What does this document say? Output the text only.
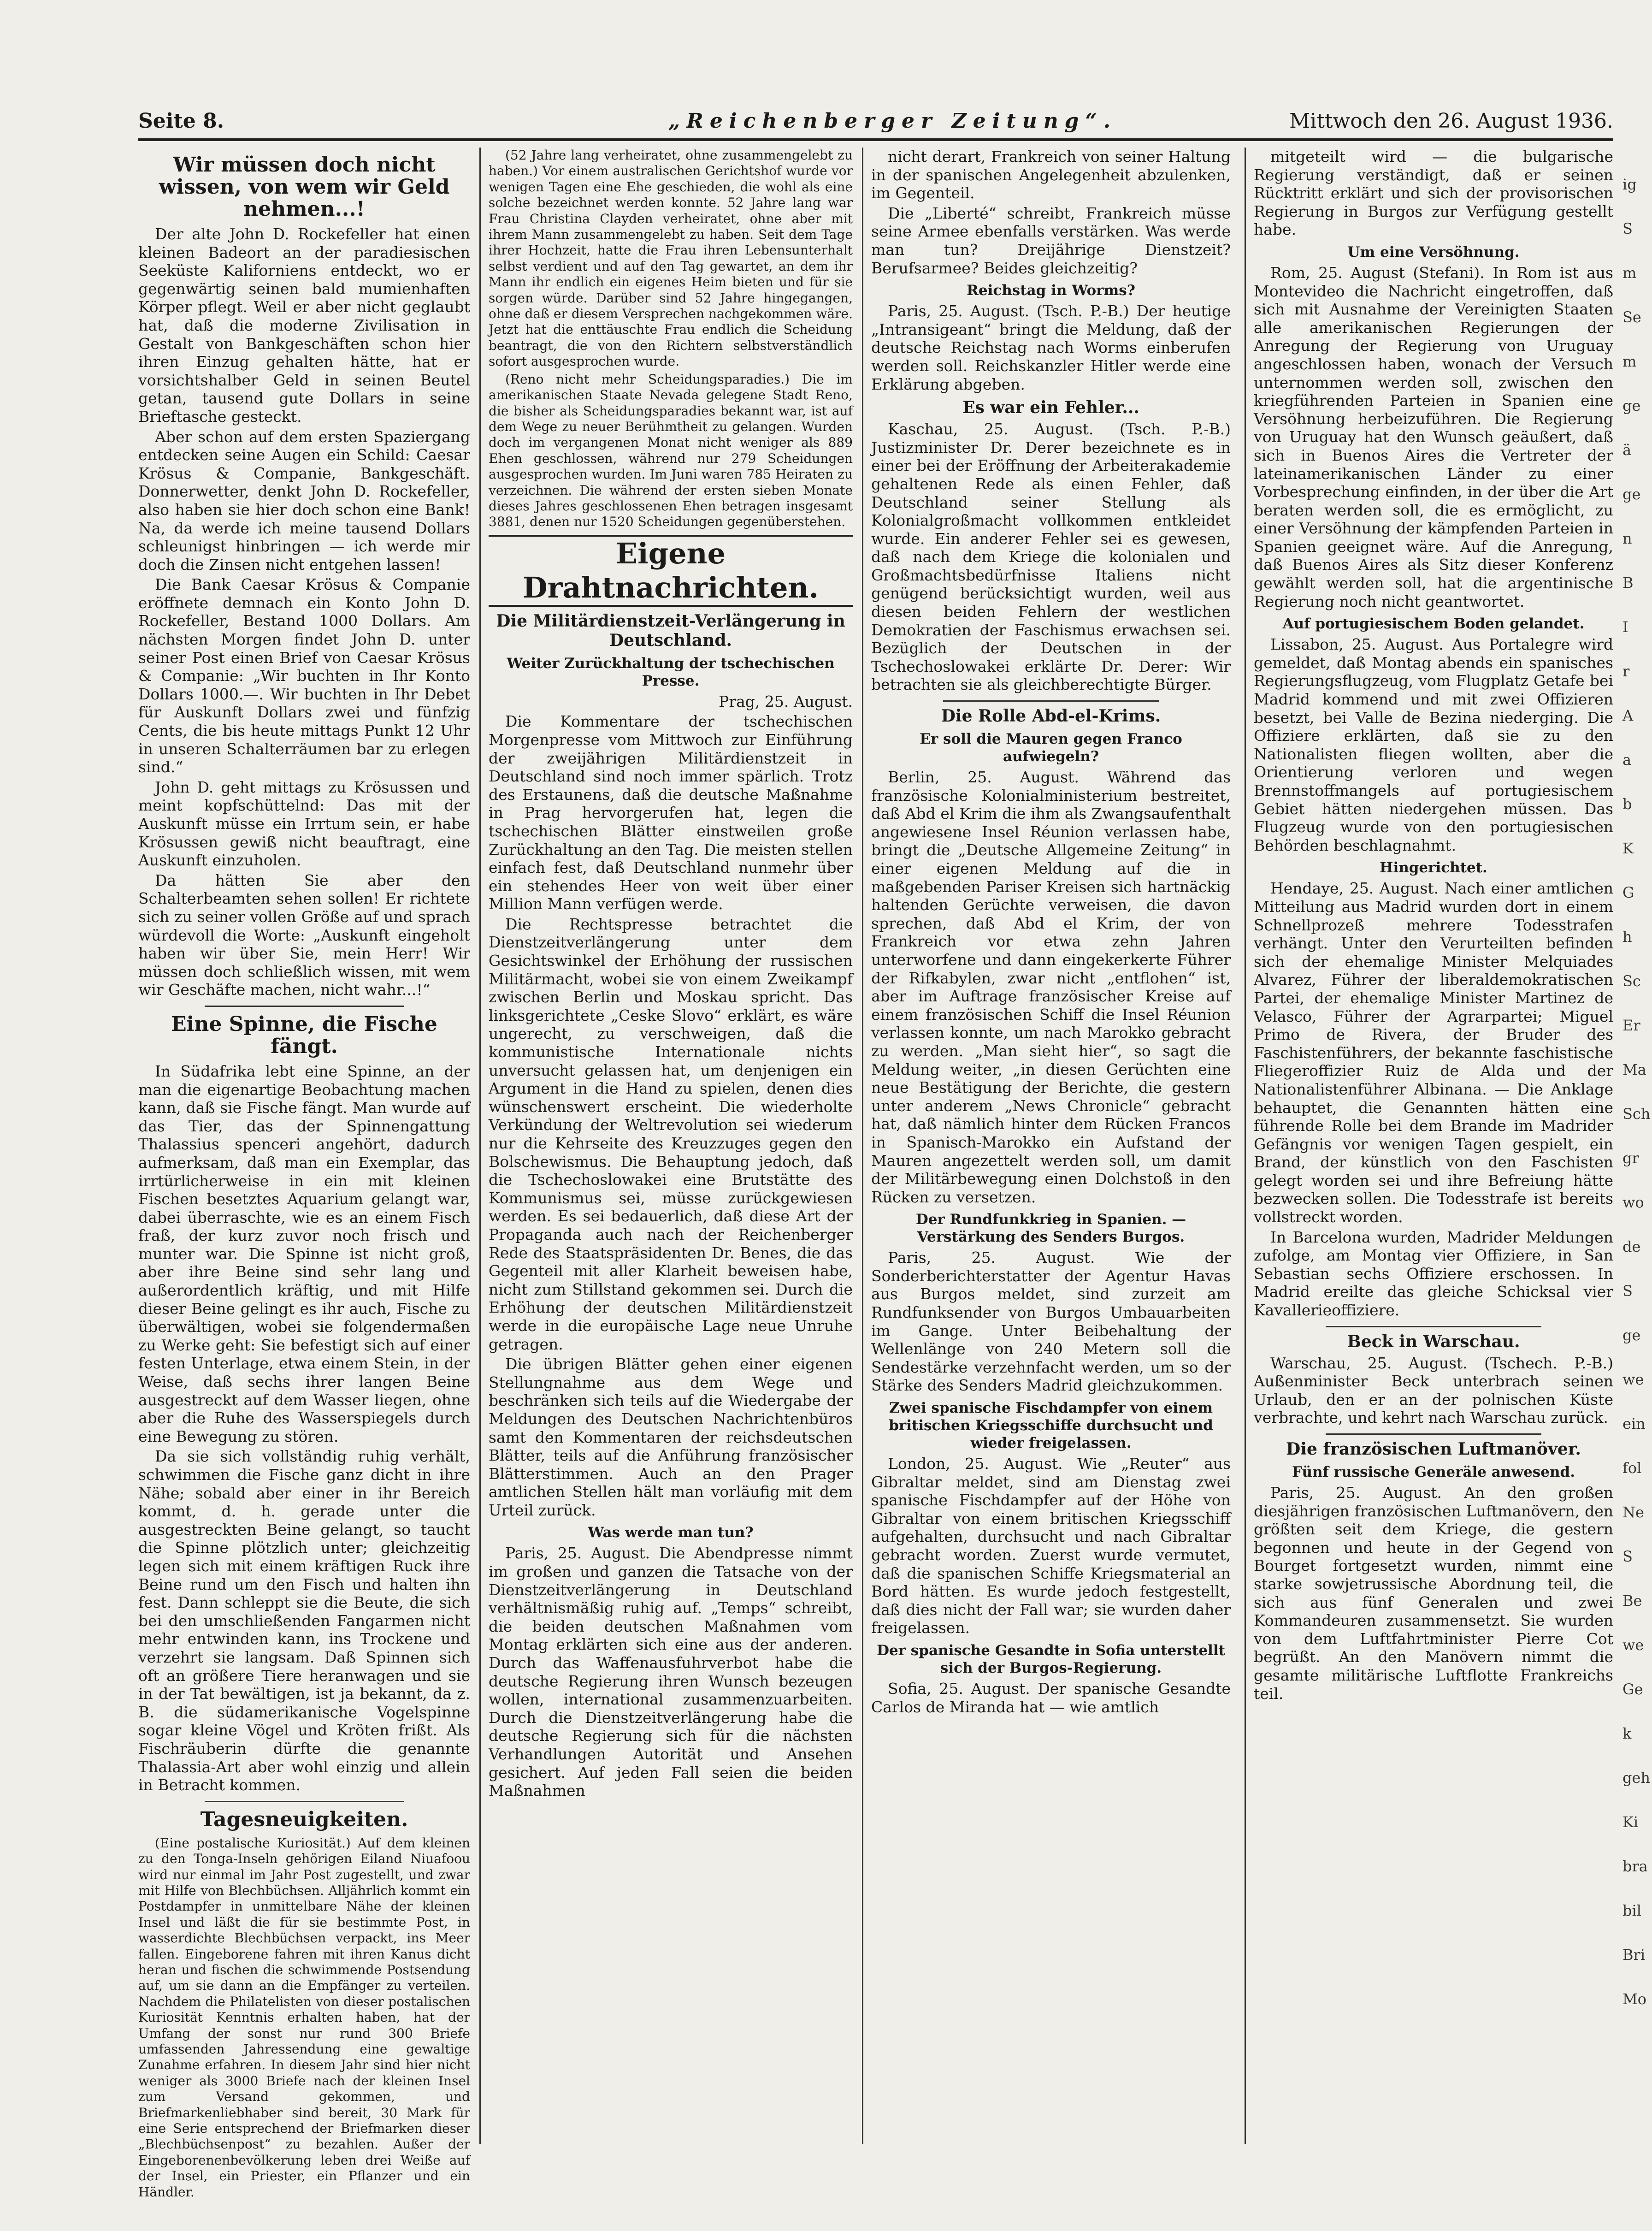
Seite 8.	„Reichenberger Zeitung“.	Mittwoch den 26. August 1936.
Wir müssen doch nicht wissen, von wem wir Geld nehmen...!

Der alte John D. Rockefeller hat einen kleinen Badeort an der paradiesischen Seeküste Kaliforniens entdeckt, wo er gegenwärtig seinen bald mumienhaften Körper pflegt. Weil er aber nicht geglaubt hat, daß die moderne Zivilisation in Gestalt von Bankgeschäften schon hier ihren Einzug gehalten hätte, hat er vorsichtshalber Geld in seinen Beutel getan, tausend gute Dollars in seine Brieftasche gesteckt.

Aber schon auf dem ersten Spaziergang entdecken seine Augen ein Schild: Caesar Krösus & Companie, Bankgeschäft. Donnerwetter, denkt John D. Rockefeller, also haben sie hier doch schon eine Bank! Na, da werde ich meine tausend Dollars schleunigst hinbringen — ich werde mir doch die Zinsen nicht entgehen lassen!

Die Bank Caesar Krösus & Companie eröffnete demnach ein Konto John D. Rockefeller, Bestand 1000 Dollars. Am nächsten Morgen findet John D. unter seiner Post einen Brief von Caesar Krösus & Companie: „Wir buchten in Ihr Konto Dollars 1000.—. Wir buchten in Ihr Debet für Auskunft Dollars zwei und fünfzig Cents, die bis heute mittags Punkt 12 Uhr in unseren Schalterräumen bar zu erlegen sind.“

John D. geht mittags zu Krösussen und meint kopfschüttelnd: Das mit der Auskunft müsse ein Irrtum sein, er habe Krösussen gewiß nicht beauftragt, eine Auskunft einzuholen.

Da hätten Sie aber den Schalterbeamten sehen sollen! Er richtete sich zu seiner vollen Größe auf und sprach würdevoll die Worte: „Auskunft eingeholt haben wir über Sie, mein Herr! Wir müssen doch schließlich wissen, mit wem wir Geschäfte machen, nicht wahr...!“

Eine Spinne, die Fische fängt.

In Südafrika lebt eine Spinne, an der man die eigenartige Beobachtung machen kann, daß sie Fische fängt. Man wurde auf das Tier, das der Spinnengattung Thalassius spenceri angehört, dadurch aufmerksam, daß man ein Exemplar, das irrtürlicherweise in ein mit kleinen Fischen besetztes Aquarium gelangt war, dabei überraschte, wie es an einem Fisch fraß, der kurz zuvor noch frisch und munter war. Die Spinne ist nicht groß, aber ihre Beine sind sehr lang und außerordentlich kräftig, und mit Hilfe dieser Beine gelingt es ihr auch, Fische zu überwältigen, wobei sie folgendermaßen zu Werke geht: Sie befestigt sich auf einer festen Unterlage, etwa einem Stein, in der Weise, daß sechs ihrer langen Beine ausgestreckt auf dem Wasser liegen, ohne aber die Ruhe des Wasserspiegels durch eine Bewegung zu stören.

Da sie sich vollständig ruhig verhält, schwimmen die Fische ganz dicht in ihre Nähe; sobald aber einer in ihr Bereich kommt, d. h. gerade unter die ausgestreckten Beine gelangt, so taucht die Spinne plötzlich unter; gleichzeitig legen sich mit einem kräftigen Ruck ihre Beine rund um den Fisch und halten ihn fest. Dann schleppt sie die Beute, die sich bei den umschließenden Fangarmen nicht mehr entwinden kann, ins Trockene und verzehrt sie langsam. Daß Spinnen sich oft an größere Tiere heranwagen und sie in der Tat bewältigen, ist ja bekannt, da z. B. die südamerikanische Vogelspinne sogar kleine Vögel und Kröten frißt. Als Fischräuberin dürfte die genannte Thalassia-Art aber wohl einzig und allein in Betracht kommen.

Tagesneuigkeiten.

(Eine postalische Kuriosität.) Auf dem kleinen zu den Tonga-Inseln gehörigen Eiland Niuafoou wird nur einmal im Jahr Post zugestellt, und zwar mit Hilfe von Blechbüchsen. Alljährlich kommt ein Postdampfer in unmittelbare Nähe der kleinen Insel und läßt die für sie bestimmte Post, in wasserdichte Blechbüchsen verpackt, ins Meer fallen. Eingeborene fahren mit ihren Kanus dicht heran und fischen die schwimmende Postsendung auf, um sie dann an die Empfänger zu verteilen. Nachdem die Philatelisten von dieser postalischen Kuriosität Kenntnis erhalten haben, hat der Umfang der sonst nur rund 300 Briefe umfassenden Jahressendung eine gewaltige Zunahme erfahren. In diesem Jahr sind hier nicht weniger als 3000 Briefe nach der kleinen Insel zum Versand gekommen, und Briefmarkenliebhaber sind bereit, 30 Mark für eine Serie entsprechend der Briefmarken dieser „Blechbüchsenpost“ zu bezahlen. Außer der Eingeborenenbevölkerung leben drei Weiße auf der Insel, ein Priester, ein Pflanzer und ein Händler.

(52 Jahre lang verheiratet, ohne zusammengelebt zu haben.) Vor einem australischen Gerichtshof wurde vor wenigen Tagen eine Ehe geschieden, die wohl als eine solche bezeichnet werden konnte. 52 Jahre lang war Frau Christina Clayden verheiratet, ohne aber mit ihrem Mann zusammengelebt zu haben. Seit dem Tage ihrer Hochzeit, hatte die Frau ihren Lebensunterhalt selbst verdient und auf den Tag gewartet, an dem ihr Mann ihr endlich ein eigenes Heim bieten und für sie sorgen würde. Darüber sind 52 Jahre hingegangen, ohne daß er diesem Versprechen nachgekommen wäre. Jetzt hat die enttäuschte Frau endlich die Scheidung beantragt, die von den Richtern selbstverständlich sofort ausgesprochen wurde.

(Reno nicht mehr Scheidungsparadies.) Die im amerikanischen Staate Nevada gelegene Stadt Reno, die bisher als Scheidungsparadies bekannt war, ist auf dem Wege zu neuer Berühmtheit zu gelangen. Wurden doch im vergangenen Monat nicht weniger als 889 Ehen geschlossen, während nur 279 Scheidungen ausgesprochen wurden. Im Juni waren 785 Heiraten zu verzeichnen. Die während der ersten sieben Monate dieses Jahres geschlossenen Ehen betragen insgesamt 3881, denen nur 1520 Scheidungen gegenüberstehen.

Eigene Drahtnachrichten.
Die Militärdienstzeit-Verlängerung in Deutschland.
Weiter Zurückhaltung der tschechischen Presse.

Prag, 25. August.

Die Kommentare der tschechischen Morgenpresse vom Mittwoch zur Einführung der zweijährigen Militärdienstzeit in Deutschland sind noch immer spärlich. Trotz des Erstaunens, daß die deutsche Maßnahme in Prag hervorgerufen hat, legen die tschechischen Blätter einstweilen große Zurückhaltung an den Tag. Die meisten stellen einfach fest, daß Deutschland nunmehr über ein stehendes Heer von weit über einer Million Mann verfügen werde.

Die Rechtspresse betrachtet die Dienstzeitverlängerung unter dem Gesichtswinkel der Erhöhung der russischen Militärmacht, wobei sie von einem Zweikampf zwischen Berlin und Moskau spricht. Das linksgerichtete „Ceske Slovo“ erklärt, es wäre ungerecht, zu verschweigen, daß die kommunistische Internationale nichts unversucht gelassen hat, um denjenigen ein Argument in die Hand zu spielen, denen dies wünschenswert erscheint. Die wiederholte Verkündung der Weltrevolution sei wiederum nur die Kehrseite des Kreuzzuges gegen den Bolschewismus. Die Behauptung jedoch, daß die Tschechoslowakei eine Brutstätte des Kommunismus sei, müsse zurückgewiesen werden. Es sei bedauerlich, daß diese Art der Propaganda auch nach der Reichenberger Rede des Staatspräsidenten Dr. Benes, die das Gegenteil mit aller Klarheit beweisen habe, nicht zum Stillstand gekommen sei. Durch die Erhöhung der deutschen Militärdienstzeit werde in die europäische Lage neue Unruhe getragen.

Die übrigen Blätter gehen einer eigenen Stellungnahme aus dem Wege und beschränken sich teils auf die Wiedergabe der Meldungen des Deutschen Nachrichtenbüros samt den Kommentaren der reichsdeutschen Blätter, teils auf die Anführung französischer Blätterstimmen. Auch an den Prager amtlichen Stellen hält man vorläufig mit dem Urteil zurück.

Was werde man tun?

Paris, 25. August. Die Abendpresse nimmt im großen und ganzen die Tatsache von der Dienstzeitverlängerung in Deutschland verhältnismäßig ruhig auf. „Temps“ schreibt, die beiden deutschen Maßnahmen vom Montag erklärten sich eine aus der anderen. Durch das Waffenausfuhrverbot habe die deutsche Regierung ihren Wunsch bezeugen wollen, international zusammenzuarbeiten. Durch die Dienstzeitverlängerung habe die deutsche Regierung sich für die nächsten Verhandlungen Autorität und Ansehen gesichert. Auf jeden Fall seien die beiden Maßnahmen

nicht derart, Frankreich von seiner Haltung in der spanischen Angelegenheit abzulenken, im Gegenteil.

Die „Liberté“ schreibt, Frankreich müsse seine Armee ebenfalls verstärken. Was werde man tun? Dreijährige Dienstzeit? Berufsarmee? Beides gleichzeitig?

Reichstag in Worms?

Paris, 25. August. (Tsch. P.-B.) Der heutige „Intransigeant“ bringt die Meldung, daß der deutsche Reichstag nach Worms einberufen werden soll. Reichskanzler Hitler werde eine Erklärung abgeben.

Es war ein Fehler...

Kaschau, 25. August. (Tsch. P.-B.) Justizminister Dr. Derer bezeichnete es in einer bei der Eröffnung der Arbeiterakademie gehaltenen Rede als einen Fehler, daß Deutschland seiner Stellung als Kolonialgroßmacht vollkommen entkleidet wurde. Ein anderer Fehler sei es gewesen, daß nach dem Kriege die kolonialen und Großmachtsbedürfnisse Italiens nicht genügend berücksichtigt wurden, weil aus diesen beiden Fehlern der westlichen Demokratien der Faschismus erwachsen sei. Bezüglich der Deutschen in der Tschechoslowakei erklärte Dr. Derer: Wir betrachten sie als gleichberechtigte Bürger.

Die Rolle Abd-el-Krims.
Er soll die Mauren gegen Franco aufwiegeln?

Berlin, 25. August. Während das französische Kolonialministerium bestreitet, daß Abd el Krim die ihm als Zwangsaufenthalt angewiesene Insel Réunion verlassen habe, bringt die „Deutsche Allgemeine Zeitung“ in einer eigenen Meldung auf die in maßgebenden Pariser Kreisen sich hartnäckig haltenden Gerüchte verweisen, die davon sprechen, daß Abd el Krim, der von Frankreich vor etwa zehn Jahren unterworfene und dann eingekerkerte Führer der Rifkabylen, zwar nicht „entflohen“ ist, aber im Auftrage französischer Kreise auf einem französischen Schiff die Insel Réunion verlassen konnte, um nach Marokko gebracht zu werden. „Man sieht hier“, so sagt die Meldung weiter, „in diesen Gerüchten eine neue Bestätigung der Berichte, die gestern unter anderem „News Chronicle“ gebracht hat, daß nämlich hinter dem Rücken Francos in Spanisch-Marokko ein Aufstand der Mauren angezettelt werden soll, um damit der Militärbewegung einen Dolchstoß in den Rücken zu versetzen.

Der Rundfunkkrieg in Spanien. — Verstärkung des Senders Burgos.

Paris, 25. August. Wie der Sonderberichterstatter der Agentur Havas aus Burgos meldet, sind zurzeit am Rundfunksender von Burgos Umbauarbeiten im Gange. Unter Beibehaltung der Wellenlänge von 240 Metern soll die Sendestärke verzehnfacht werden, um so der Stärke des Senders Madrid gleichzukommen.

Zwei spanische Fischdampfer von einem britischen Kriegsschiffe durchsucht und wieder freigelassen.

London, 25. August. Wie „Reuter“ aus Gibraltar meldet, sind am Dienstag zwei spanische Fischdampfer auf der Höhe von Gibraltar von einem britischen Kriegsschiff aufgehalten, durchsucht und nach Gibraltar gebracht worden. Zuerst wurde vermutet, daß die spanischen Schiffe Kriegsmaterial an Bord hätten. Es wurde jedoch festgestellt, daß dies nicht der Fall war; sie wurden daher freigelassen.

Der spanische Gesandte in Sofia unterstellt sich der Burgos-Regierung.

Sofia, 25. August. Der spanische Gesandte Carlos de Miranda hat — wie amtlich

mitgeteilt wird — die bulgarische Regierung verständigt, daß er seinen Rücktritt erklärt und sich der provisorischen Regierung in Burgos zur Verfügung gestellt habe.

Um eine Versöhnung.

Rom, 25. August (Stefani). In Rom ist aus Montevideo die Nachricht eingetroffen, daß sich mit Ausnahme der Vereinigten Staaten alle amerikanischen Regierungen der Anregung der Regierung von Uruguay angeschlossen haben, wonach der Versuch unternommen werden soll, zwischen den kriegführenden Parteien in Spanien eine Versöhnung herbeizuführen. Die Regierung von Uruguay hat den Wunsch geäußert, daß sich in Buenos Aires die Vertreter der lateinamerikanischen Länder zu einer Vorbesprechung einfinden, in der über die Art beraten werden soll, die es ermöglicht, zu einer Versöhnung der kämpfenden Parteien in Spanien geeignet wäre. Auf die Anregung, daß Buenos Aires als Sitz dieser Konferenz gewählt werden soll, hat die argentinische Regierung noch nicht geantwortet.

Auf portugiesischem Boden gelandet.

Lissabon, 25. August. Aus Portalegre wird gemeldet, daß Montag abends ein spanisches Regierungsflugzeug, vom Flugplatz Getafe bei Madrid kommend und mit zwei Offizieren besetzt, bei Valle de Bezina niederging. Die Offiziere erklärten, daß sie zu den Nationalisten fliegen wollten, aber die Orientierung verloren und wegen Brennstoffmangels auf portugiesischem Gebiet hätten niedergehen müssen. Das Flugzeug wurde von den portugiesischen Behörden beschlagnahmt.

Hingerichtet.

Hendaye, 25. August. Nach einer amtlichen Mitteilung aus Madrid wurden dort in einem Schnellprozeß mehrere Todesstrafen verhängt. Unter den Verurteilten befinden sich der ehemalige Minister Melquiades Alvarez, Führer der liberaldemokratischen Partei, der ehemalige Minister Martinez de Velasco, Führer der Agrarpartei; Miguel Primo de Rivera, der Bruder des Faschistenführers, der bekannte faschistische Fliegeroffizier Ruiz de Alda und der Nationalistenführer Albinana. — Die Anklage behauptet, die Genannten hätten eine führende Rolle bei dem Brande im Madrider Gefängnis vor wenigen Tagen gespielt, ein Brand, der künstlich von den Faschisten gelegt worden sei und ihre Befreiung hätte bezwecken sollen. Die Todesstrafe ist bereits vollstreckt worden.

In Barcelona wurden, Madrider Meldungen zufolge, am Montag vier Offiziere, in San Sebastian sechs Offiziere erschossen. In Madrid ereilte das gleiche Schicksal vier Kavallerieoffiziere.

Beck in Warschau.

Warschau, 25. August. (Tschech. P.-B.) Außenminister Beck unterbrach seinen Urlaub, den er an der polnischen Küste verbrachte, und kehrt nach Warschau zurück.

Die französischen Luftmanöver.
Fünf russische Generäle anwesend.

Paris, 25. August. An den großen diesjährigen französischen Luftmanövern, den größten seit dem Kriege, die gestern begonnen und heute in der Gegend von Bourget fortgesetzt wurden, nimmt eine starke sowjetrussische Abordnung teil, die sich aus fünf Generalen und zwei Kommandeuren zusammensetzt. Sie wurden von dem Luftfahrtminister Pierre Cot begrüßt. An den Manövern nimmt die gesamte militärische Luftflotte Frankreichs teil.

ig
S
m
Se
m
ge
ä
ge
n
B
I
r
A
a
b
K
G
h
Sc
Er
Ma
Sch
gr
wo
de
S
ge
we
ein
fol
Ne
S
Be
we
Ge
k
geh
Ki
bra
bil
Bri
Mo
